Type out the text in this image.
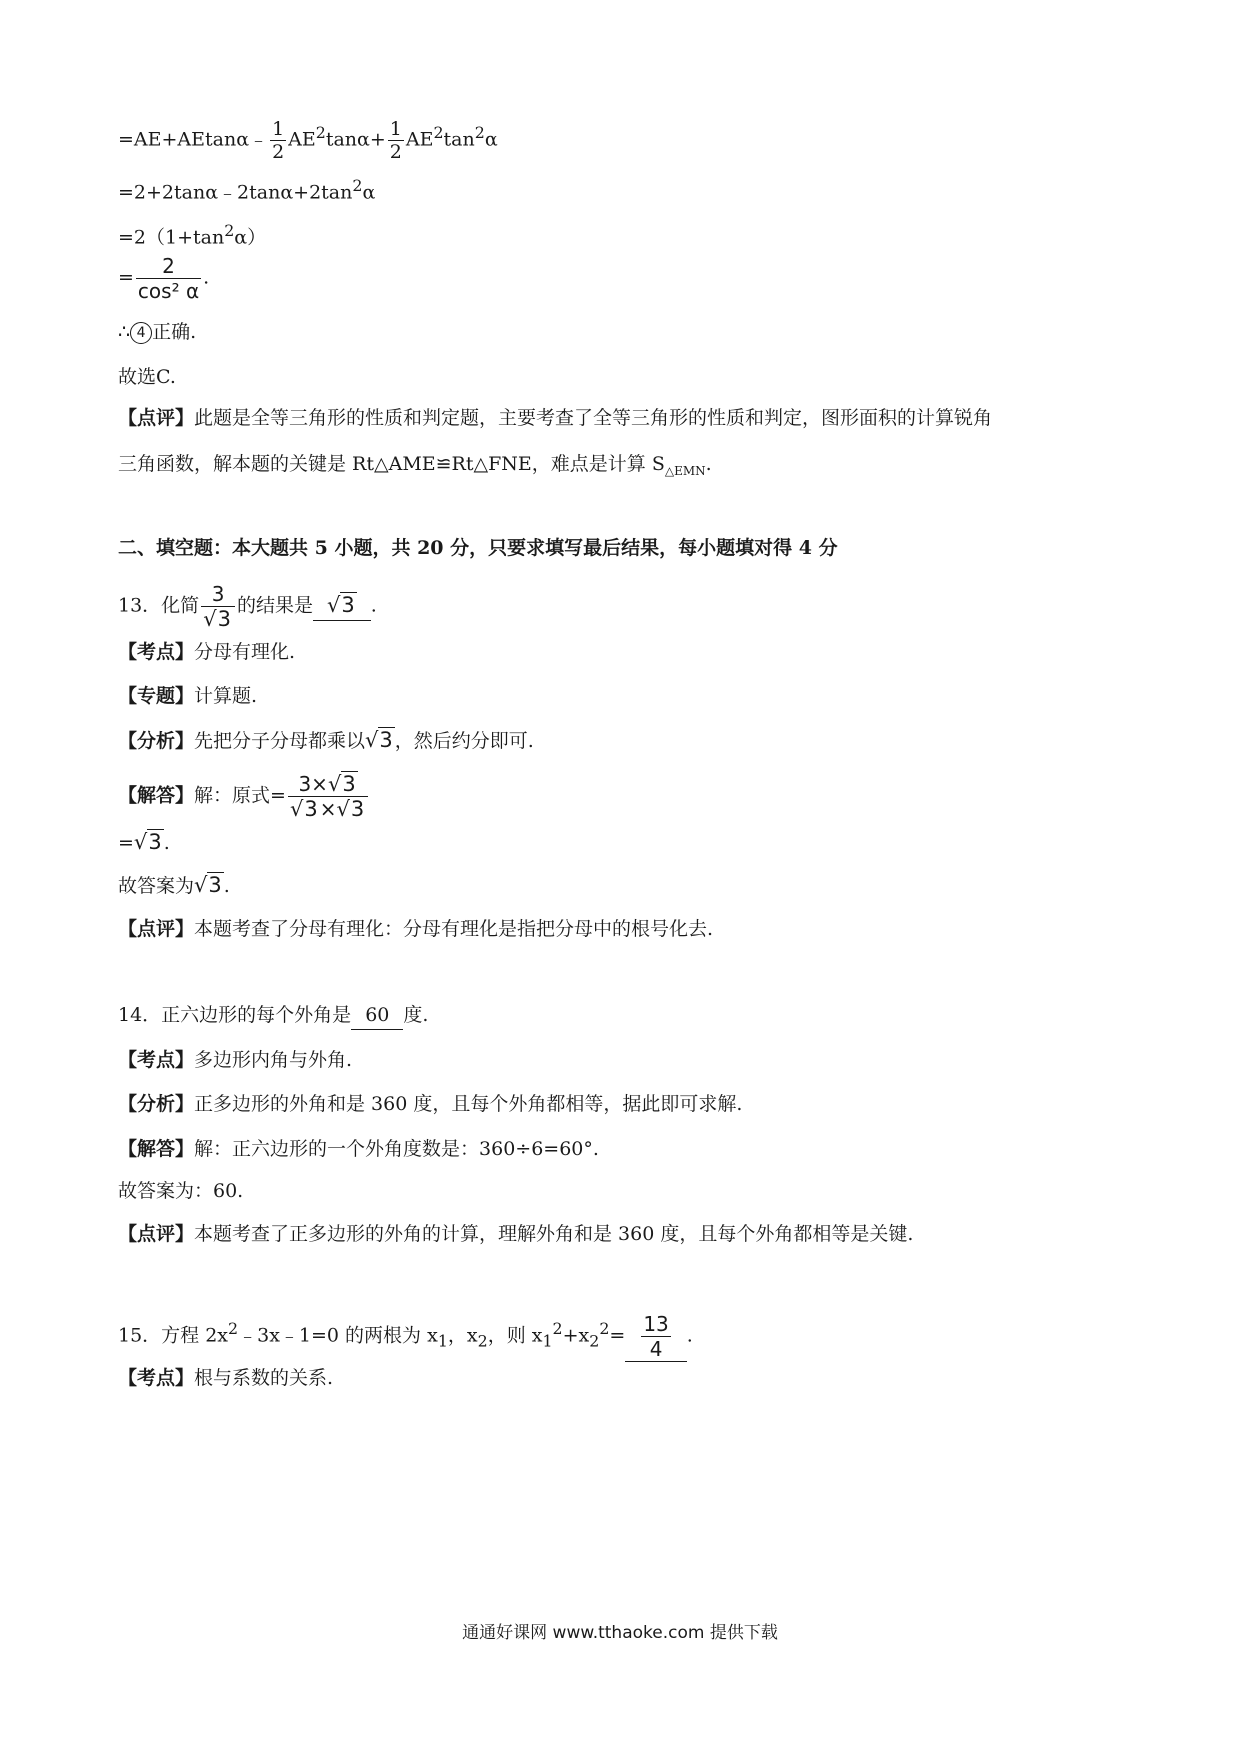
=AE+AEtanα﹣ $\frac{1}{2} AE^2\tan\alpha+ \frac{1}{2} AE^2\tan^2\alpha$
$=2+2\tan\alpha﹣2\tan\alpha+2\tan^2\alpha$
$=2(1+\tan^2\alpha)$
= $\frac{2}{\text{cos² α}}$ .
∴ 4 正确.
故选C.
【点评】此题是全等三角形的性质和判定题，主要考查了全等三角形的性质和判定，图形面积的计算锐角
三角函数，解本题的关键是 Rt△AME≌Rt△FNE，难点是计算 $S_{\triangle EMN}$.
二、填空题：本大题共 5 小题，共 20 分，只要求填写最后结果，每小题填对得 4 分
13．化简 $\frac{3}{√3}$ 的结果是 √3 .
【考点】分母有理化.
【专题】计算题.
【分析】先把分子分母都乘以√3 ，然后约分即可.
【解答】解：原式= $\frac{3\times√3}{√3 \times√3}$
=√3 .
故答案为√3 .
【点评】本题考查了分母有理化：分母有理化是指把分母中的根号化去.
14．正六边形的每个外角是 60 度.
【考点】多边形内角与外角.
【分析】正多边形的外角和是 360 度，且每个外角都相等，据此即可求解.
【解答】解：正六边形的一个外角度数是：360÷6=60°.
故答案为：60.
【点评】本题考查了正多边形的外角的计算，理解外角和是 360 度，且每个外角都相等是关键.
15．方程 $2x^2﹣3x﹣1=0$ 的两根为 $x_1$，$x_2$，则 $x_1^2+x_2^2= \frac{13}{4}$ .
【考点】根与系数的关系.
通通好课网 www.tthaoke.com 提供下载
